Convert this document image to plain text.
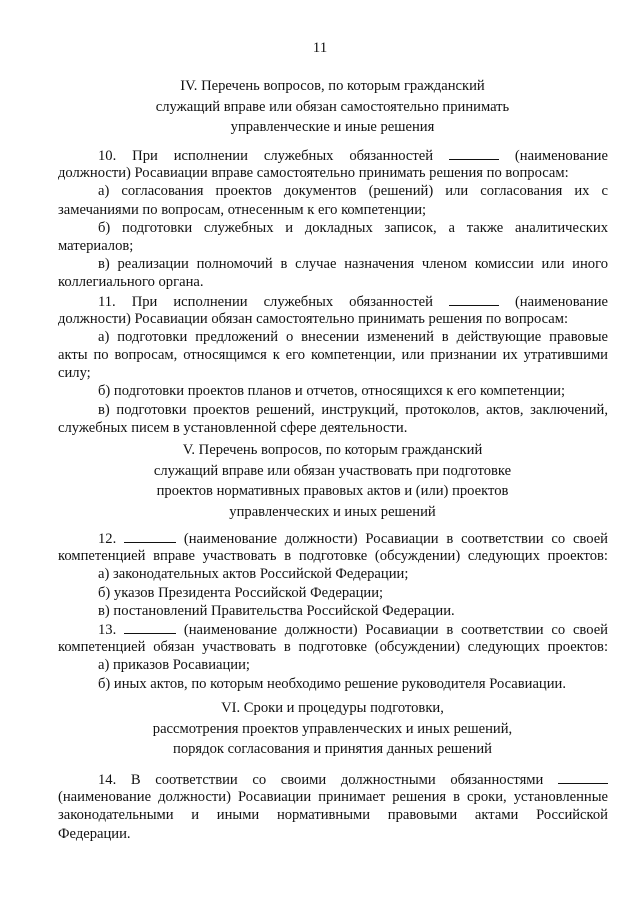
11
IV. Перечень вопросов, по которым гражданский
служащий вправе или обязан самостоятельно принимать
управленческие и иные решения
10. При исполнении служебных обязанностей	(наименование
должности) Росавиации вправе самостоятельно принимать решения по вопросам:
а) согласования проектов документов (решений) или согласования их с
замечаниями по вопросам, отнесенным к его компетенции;
б) подготовки служебных и докладных записок, а также аналитических
материалов;
в) реализации полномочий в случае назначения членом комиссии или иного
коллегиального органа.
11. При исполнении служебных обязанностей	(наименование
должности) Росавиации обязан самостоятельно принимать решения по вопросам:
а) подготовки предложений о внесении изменений в действующие правовые
акты по вопросам, относящимся к его компетенции, или признании их утратившими
силу;
б) подготовки проектов планов и отчетов, относящихся к его компетенции;
в) подготовки проектов решений, инструкций, протоколов, актов, заключений,
служебных писем в установленной сфере деятельности.
V. Перечень вопросов, по которым гражданский
служащий вправе или обязан участвовать при подготовке
проектов нормативных правовых актов и (или) проектов
управленческих и иных решений
12.	(наименование должности) Росавиации в соответствии со своей
компетенцией вправе участвовать в подготовке (обсуждении) следующих проектов:
а) законодательных актов Российской Федерации;
б) указов Президента Российской Федерации;
в) постановлений Правительства Российской Федерации.
13.	(наименование должности) Росавиации в соответствии со своей
компетенцией обязан участвовать в подготовке (обсуждении) следующих проектов:
а) приказов Росавиации;
б) иных актов, по которым необходимо решение руководителя Росавиации.
VI. Сроки и процедуры подготовки,
рассмотрения проектов управленческих и иных решений,
порядок согласования и принятия данных решений
14. В соответствии со своими должностными обязанностями
(наименование должности) Росавиации принимает решения в сроки, установленные
законодательными и иными нормативными правовыми актами Российской
Федерации.
